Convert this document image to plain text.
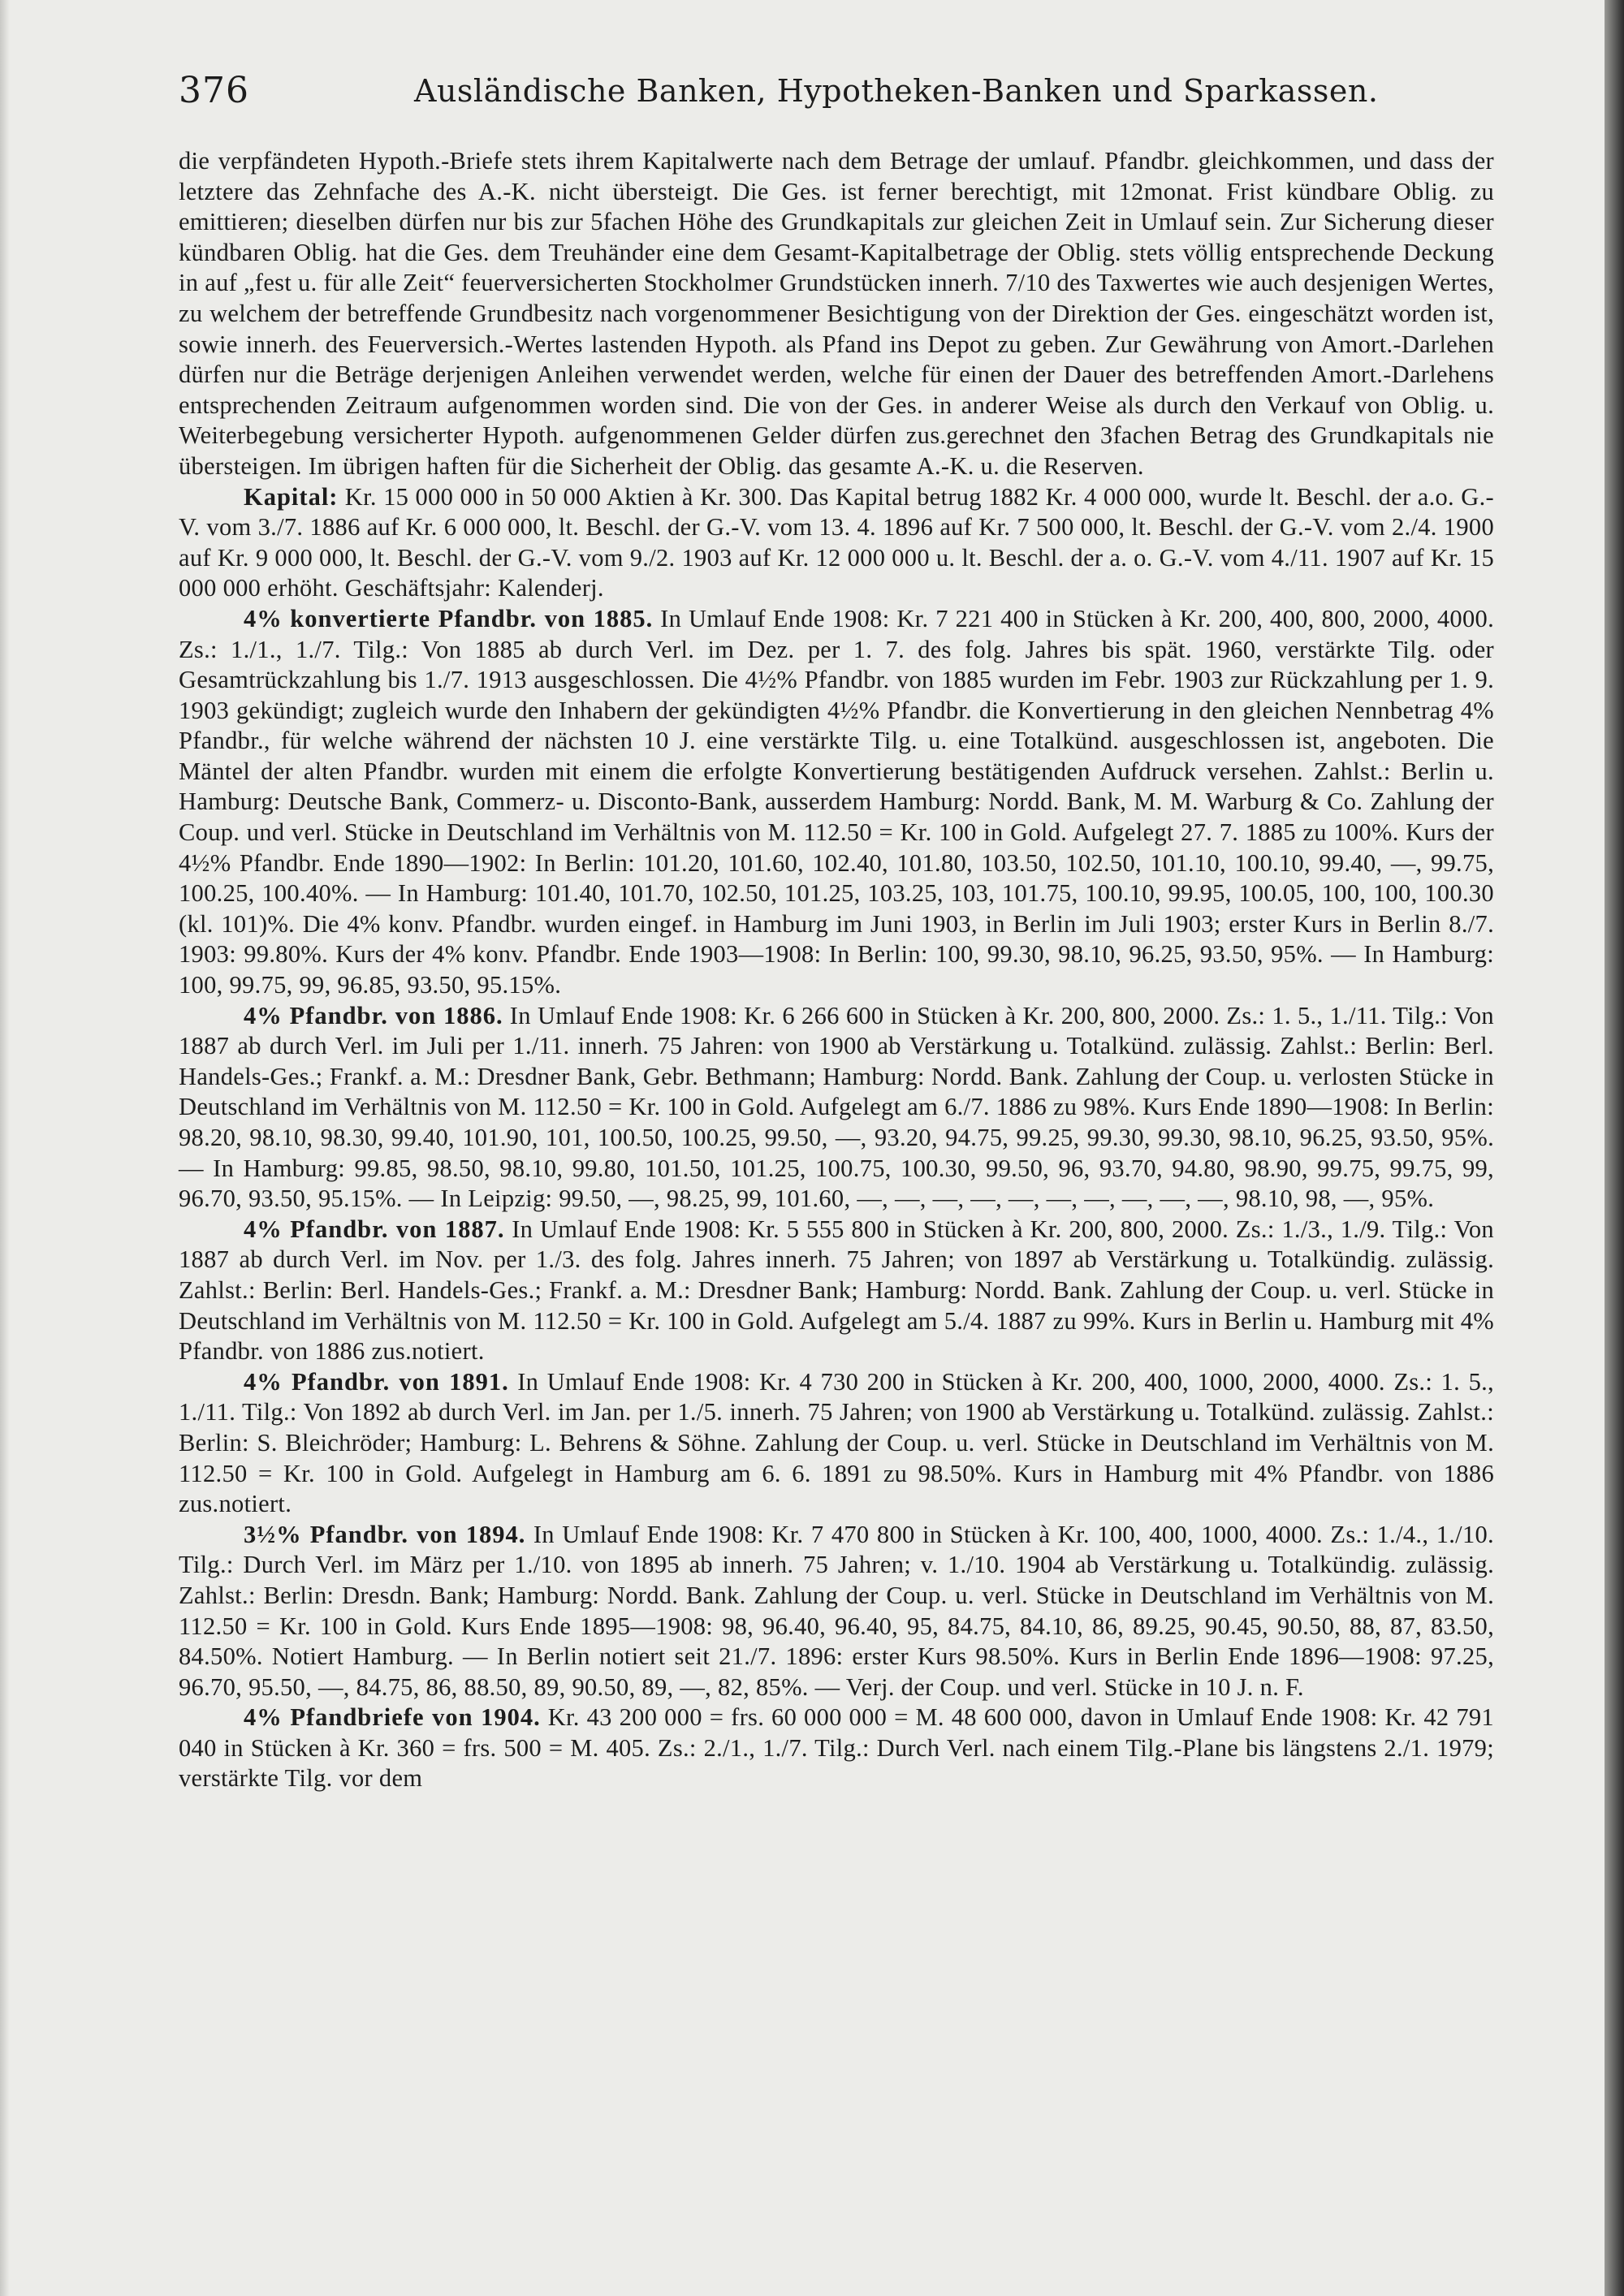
376	Ausländische Banken, Hypotheken-Banken und Sparkassen.

die verpfändeten Hypoth.-Briefe stets ihrem Kapitalwerte nach dem Betrage der umlauf. Pfandbr. gleichkommen, und dass der letztere das Zehnfache des A.-K. nicht übersteigt. Die Ges. ist ferner berechtigt, mit 12monat. Frist kündbare Oblig. zu emittieren; dieselben dürfen nur bis zur 5fachen Höhe des Grundkapitals zur gleichen Zeit in Umlauf sein. Zur Sicherung dieser kündbaren Oblig. hat die Ges. dem Treuhänder eine dem Gesamt-Kapitalbetrage der Oblig. stets völlig entsprechende Deckung in auf „fest u. für alle Zeit“ feuerversicherten Stockholmer Grundstücken innerh. 7/10 des Taxwertes wie auch desjenigen Wertes, zu welchem der betreffende Grundbesitz nach vorgenommener Besichtigung von der Direktion der Ges. eingeschätzt worden ist, sowie innerh. des Feuerversich.-Wertes lastenden Hypoth. als Pfand ins Depot zu geben. Zur Gewährung von Amort.-Darlehen dürfen nur die Beträge derjenigen Anleihen verwendet werden, welche für einen der Dauer des betreffenden Amort.-Darlehens entsprechenden Zeitraum aufgenommen worden sind. Die von der Ges. in anderer Weise als durch den Verkauf von Oblig. u. Weiterbegebung versicherter Hypoth. aufgenommenen Gelder dürfen zus.gerechnet den 3fachen Betrag des Grundkapitals nie übersteigen. Im übrigen haften für die Sicherheit der Oblig. das gesamte A.-K. u. die Reserven.

Kapital: Kr. 15 000 000 in 50 000 Aktien à Kr. 300. Das Kapital betrug 1882 Kr. 4 000 000, wurde lt. Beschl. der a.o. G.-V. vom 3./7. 1886 auf Kr. 6 000 000, lt. Beschl. der G.-V. vom 13. 4. 1896 auf Kr. 7 500 000, lt. Beschl. der G.-V. vom 2./4. 1900 auf Kr. 9 000 000, lt. Beschl. der G.-V. vom 9./2. 1903 auf Kr. 12 000 000 u. lt. Beschl. der a. o. G.-V. vom 4./11. 1907 auf Kr. 15 000 000 erhöht. Geschäftsjahr: Kalenderj.

4% konvertierte Pfandbr. von 1885. In Umlauf Ende 1908: Kr. 7 221 400 in Stücken à Kr. 200, 400, 800, 2000, 4000. Zs.: 1./1., 1./7. Tilg.: Von 1885 ab durch Verl. im Dez. per 1. 7. des folg. Jahres bis spät. 1960, verstärkte Tilg. oder Gesamtrückzahlung bis 1./7. 1913 ausgeschlossen. Die 4½% Pfandbr. von 1885 wurden im Febr. 1903 zur Rückzahlung per 1. 9. 1903 gekündigt; zugleich wurde den Inhabern der gekündigten 4½% Pfandbr. die Konvertierung in den gleichen Nennbetrag 4% Pfandbr., für welche während der nächsten 10 J. eine verstärkte Tilg. u. eine Totalkünd. ausgeschlossen ist, angeboten. Die Mäntel der alten Pfandbr. wurden mit einem die erfolgte Konvertierung bestätigenden Aufdruck versehen. Zahlst.: Berlin u. Hamburg: Deutsche Bank, Commerz- u. Disconto-Bank, ausserdem Hamburg: Nordd. Bank, M. M. Warburg & Co. Zahlung der Coup. und verl. Stücke in Deutschland im Verhältnis von M. 112.50 = Kr. 100 in Gold. Aufgelegt 27. 7. 1885 zu 100%. Kurs der 4½% Pfandbr. Ende 1890—1902: In Berlin: 101.20, 101.60, 102.40, 101.80, 103.50, 102.50, 101.10, 100.10, 99.40, —, 99.75, 100.25, 100.40%. — In Hamburg: 101.40, 101.70, 102.50, 101.25, 103.25, 103, 101.75, 100.10, 99.95, 100.05, 100, 100, 100.30 (kl. 101)%. Die 4% konv. Pfandbr. wurden eingef. in Hamburg im Juni 1903, in Berlin im Juli 1903; erster Kurs in Berlin 8./7. 1903: 99.80%. Kurs der 4% konv. Pfandbr. Ende 1903—1908: In Berlin: 100, 99.30, 98.10, 96.25, 93.50, 95%. — In Hamburg: 100, 99.75, 99, 96.85, 93.50, 95.15%.

4% Pfandbr. von 1886. In Umlauf Ende 1908: Kr. 6 266 600 in Stücken à Kr. 200, 800, 2000. Zs.: 1. 5., 1./11. Tilg.: Von 1887 ab durch Verl. im Juli per 1./11. innerh. 75 Jahren: von 1900 ab Verstärkung u. Totalkünd. zulässig. Zahlst.: Berlin: Berl. Handels-Ges.; Frankf. a. M.: Dresdner Bank, Gebr. Bethmann; Hamburg: Nordd. Bank. Zahlung der Coup. u. verlosten Stücke in Deutschland im Verhältnis von M. 112.50 = Kr. 100 in Gold. Aufgelegt am 6./7. 1886 zu 98%. Kurs Ende 1890—1908: In Berlin: 98.20, 98.10, 98.30, 99.40, 101.90, 101, 100.50, 100.25, 99.50, —, 93.20, 94.75, 99.25, 99.30, 99.30, 98.10, 96.25, 93.50, 95%. — In Hamburg: 99.85, 98.50, 98.10, 99.80, 101.50, 101.25, 100.75, 100.30, 99.50, 96, 93.70, 94.80, 98.90, 99.75, 99.75, 99, 96.70, 93.50, 95.15%. — In Leipzig: 99.50, —, 98.25, 99, 101.60, —, —, —, —, —, —, —, —, —, —, 98.10, 98, —, 95%.

4% Pfandbr. von 1887. In Umlauf Ende 1908: Kr. 5 555 800 in Stücken à Kr. 200, 800, 2000. Zs.: 1./3., 1./9. Tilg.: Von 1887 ab durch Verl. im Nov. per 1./3. des folg. Jahres innerh. 75 Jahren; von 1897 ab Verstärkung u. Totalkündig. zulässig. Zahlst.: Berlin: Berl. Handels-Ges.; Frankf. a. M.: Dresdner Bank; Hamburg: Nordd. Bank. Zahlung der Coup. u. verl. Stücke in Deutschland im Verhältnis von M. 112.50 = Kr. 100 in Gold. Aufgelegt am 5./4. 1887 zu 99%. Kurs in Berlin u. Hamburg mit 4% Pfandbr. von 1886 zus.notiert.

4% Pfandbr. von 1891. In Umlauf Ende 1908: Kr. 4 730 200 in Stücken à Kr. 200, 400, 1000, 2000, 4000. Zs.: 1. 5., 1./11. Tilg.: Von 1892 ab durch Verl. im Jan. per 1./5. innerh. 75 Jahren; von 1900 ab Verstärkung u. Totalkünd. zulässig. Zahlst.: Berlin: S. Bleichröder; Hamburg: L. Behrens & Söhne. Zahlung der Coup. u. verl. Stücke in Deutschland im Verhältnis von M. 112.50 = Kr. 100 in Gold. Aufgelegt in Hamburg am 6. 6. 1891 zu 98.50%. Kurs in Hamburg mit 4% Pfandbr. von 1886 zus.notiert.

3½% Pfandbr. von 1894. In Umlauf Ende 1908: Kr. 7 470 800 in Stücken à Kr. 100, 400, 1000, 4000. Zs.: 1./4., 1./10. Tilg.: Durch Verl. im März per 1./10. von 1895 ab innerh. 75 Jahren; v. 1./10. 1904 ab Verstärkung u. Totalkündig. zulässig. Zahlst.: Berlin: Dresdn. Bank; Hamburg: Nordd. Bank. Zahlung der Coup. u. verl. Stücke in Deutschland im Verhältnis von M. 112.50 = Kr. 100 in Gold. Kurs Ende 1895—1908: 98, 96.40, 96.40, 95, 84.75, 84.10, 86, 89.25, 90.45, 90.50, 88, 87, 83.50, 84.50%. Notiert Hamburg. — In Berlin notiert seit 21./7. 1896: erster Kurs 98.50%. Kurs in Berlin Ende 1896—1908: 97.25, 96.70, 95.50, —, 84.75, 86, 88.50, 89, 90.50, 89, —, 82, 85%. — Verj. der Coup. und verl. Stücke in 10 J. n. F.

4% Pfandbriefe von 1904. Kr. 43 200 000 = frs. 60 000 000 = M. 48 600 000, davon in Umlauf Ende 1908: Kr. 42 791 040 in Stücken à Kr. 360 = frs. 500 = M. 405. Zs.: 2./1., 1./7. Tilg.: Durch Verl. nach einem Tilg.-Plane bis längstens 2./1. 1979; verstärkte Tilg. vor dem
